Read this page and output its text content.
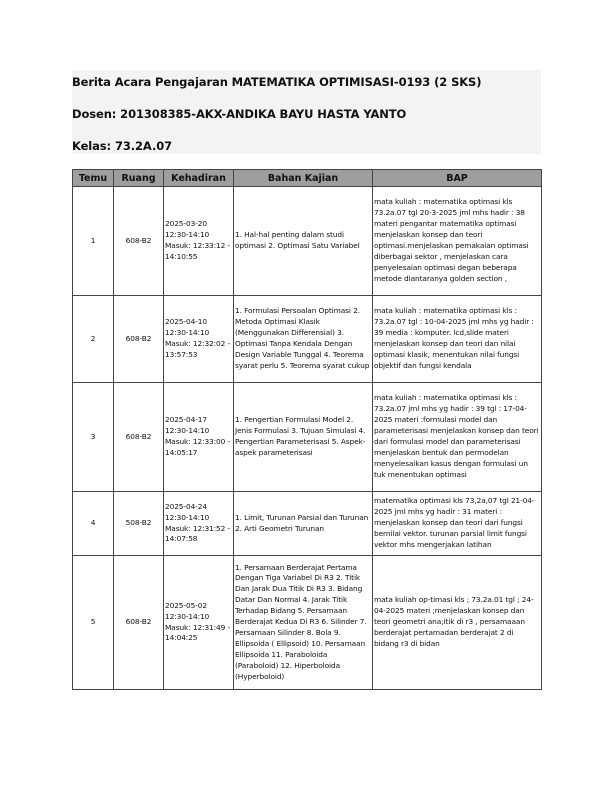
Berita Acara Pengajaran MATEMATIKA OPTIMISASI-0193 (2 SKS)
Dosen: 201308385-AKX-ANDIKA BAYU HASTA YANTO
Kelas: 73.2A.07
Temu	Ruang	Kehadiran	Bahan Kajian	BAP
1	608-B2	2025-03-20 12:30-14:10 Masuk: 12:33:12 - 14:10:55	1. Hal-hal penting dalam studi optimasi 2. Optimasi Satu Variabel	mata kuliah : matematika optimasi kls 73.2a.07 tgl 20-3-2025 jml mhs hadir : 38 materi pengantar matematika optimasi menjelaskan konsep dan teori optimasi.menjelaskan pemakaian optimasi diberbagai sektor , menjelaskan cara penyelesaian optimasi degan beberapa metode diantaranya golden section ,
2	608-B2	2025-04-10 12:30-14:10 Masuk: 12:32:02 - 13:57:53	1. Formulasi Persoalan Optimasi 2. Metoda Optimasi Klasik (Menggunakan Differensial) 3. Optimasi Tanpa Kendala Dengan Design Variable Tunggal 4. Teorema syarat perlu 5. Teorema syarat cukup	mata kuliah : matematika optimasi kls : 73.2a.07 tgl : 10-04-2025 jml mhs yg hadir : 39 media : komputer. lcd,slide materi menjelaskan konsep dan teori dan nilai optimasi klasik, menentukan nilai fungsi objektif dan fungsi kendala
3	608-B2	2025-04-17 12:30-14:10 Masuk: 12:33:00 - 14:05:17	1. Pengertian Formulasi Model 2. Jenis Formulasi 3. Tujuan Simulasi 4. Pengertian Parameterisasi 5. Aspek-aspek parameterisasi	mata kuliah : matematika optimasi kls : 73.2a.07 jml mhs yg hadir : 39 tgl : 17-04-2025 materi :formulasi model dan parameterisasi menjelaskan konsep dan teori dari formulasi model dan parameterisasi menjelaskan bentuk dan permodelan menyelesaikan kasus dengan formulasi un tuk menentukan optimasi
4	508-B2	2025-04-24 12:30-14:10 Masuk: 12:31:52 - 14:07:58	1. Limit, Turunan Parsial dan Turunan 2. Arti Geometri Turunan	matematika optimasi kls 73,2a,07 tgl 21-04-2025 jml mhs yg hadir : 31 materi : menjelaskan konsep dan teori dari fungsi bernilai vektor. turunan parsial limit fungsi vektor mhs mengerjakan latihan
5	608-B2	2025-05-02 12:30-14:10 Masuk: 12:31:49 - 14:04:25	1. Persamaan Berderajat Pertama Dengan Tiga Variabel Di R3 2. Titik Dan Jarak Dua Titik Di R3 3. Bidang Datar Dan Normal 4. Jarak Titik Terhadap Bidang 5. Persamaan Berderajat Kedua Di R3 6. Silinder 7. Persamaan Silinder 8. Bola 9. Ellipsoida ( Ellipsoid) 10. Persamaan Ellipsoida 11. Paraboloida (Paraboloid) 12. Hiperboloida (Hyperboloid)	mata kuliah op-timasi kls ; 73.2a.01 tgl ; 24-04-2025 materi ;menjelaskan konsep dan teori geometri ana;itik di r3 , persamaaan berderajat pertamadan berderajat 2 di bidang r3 di bidan
